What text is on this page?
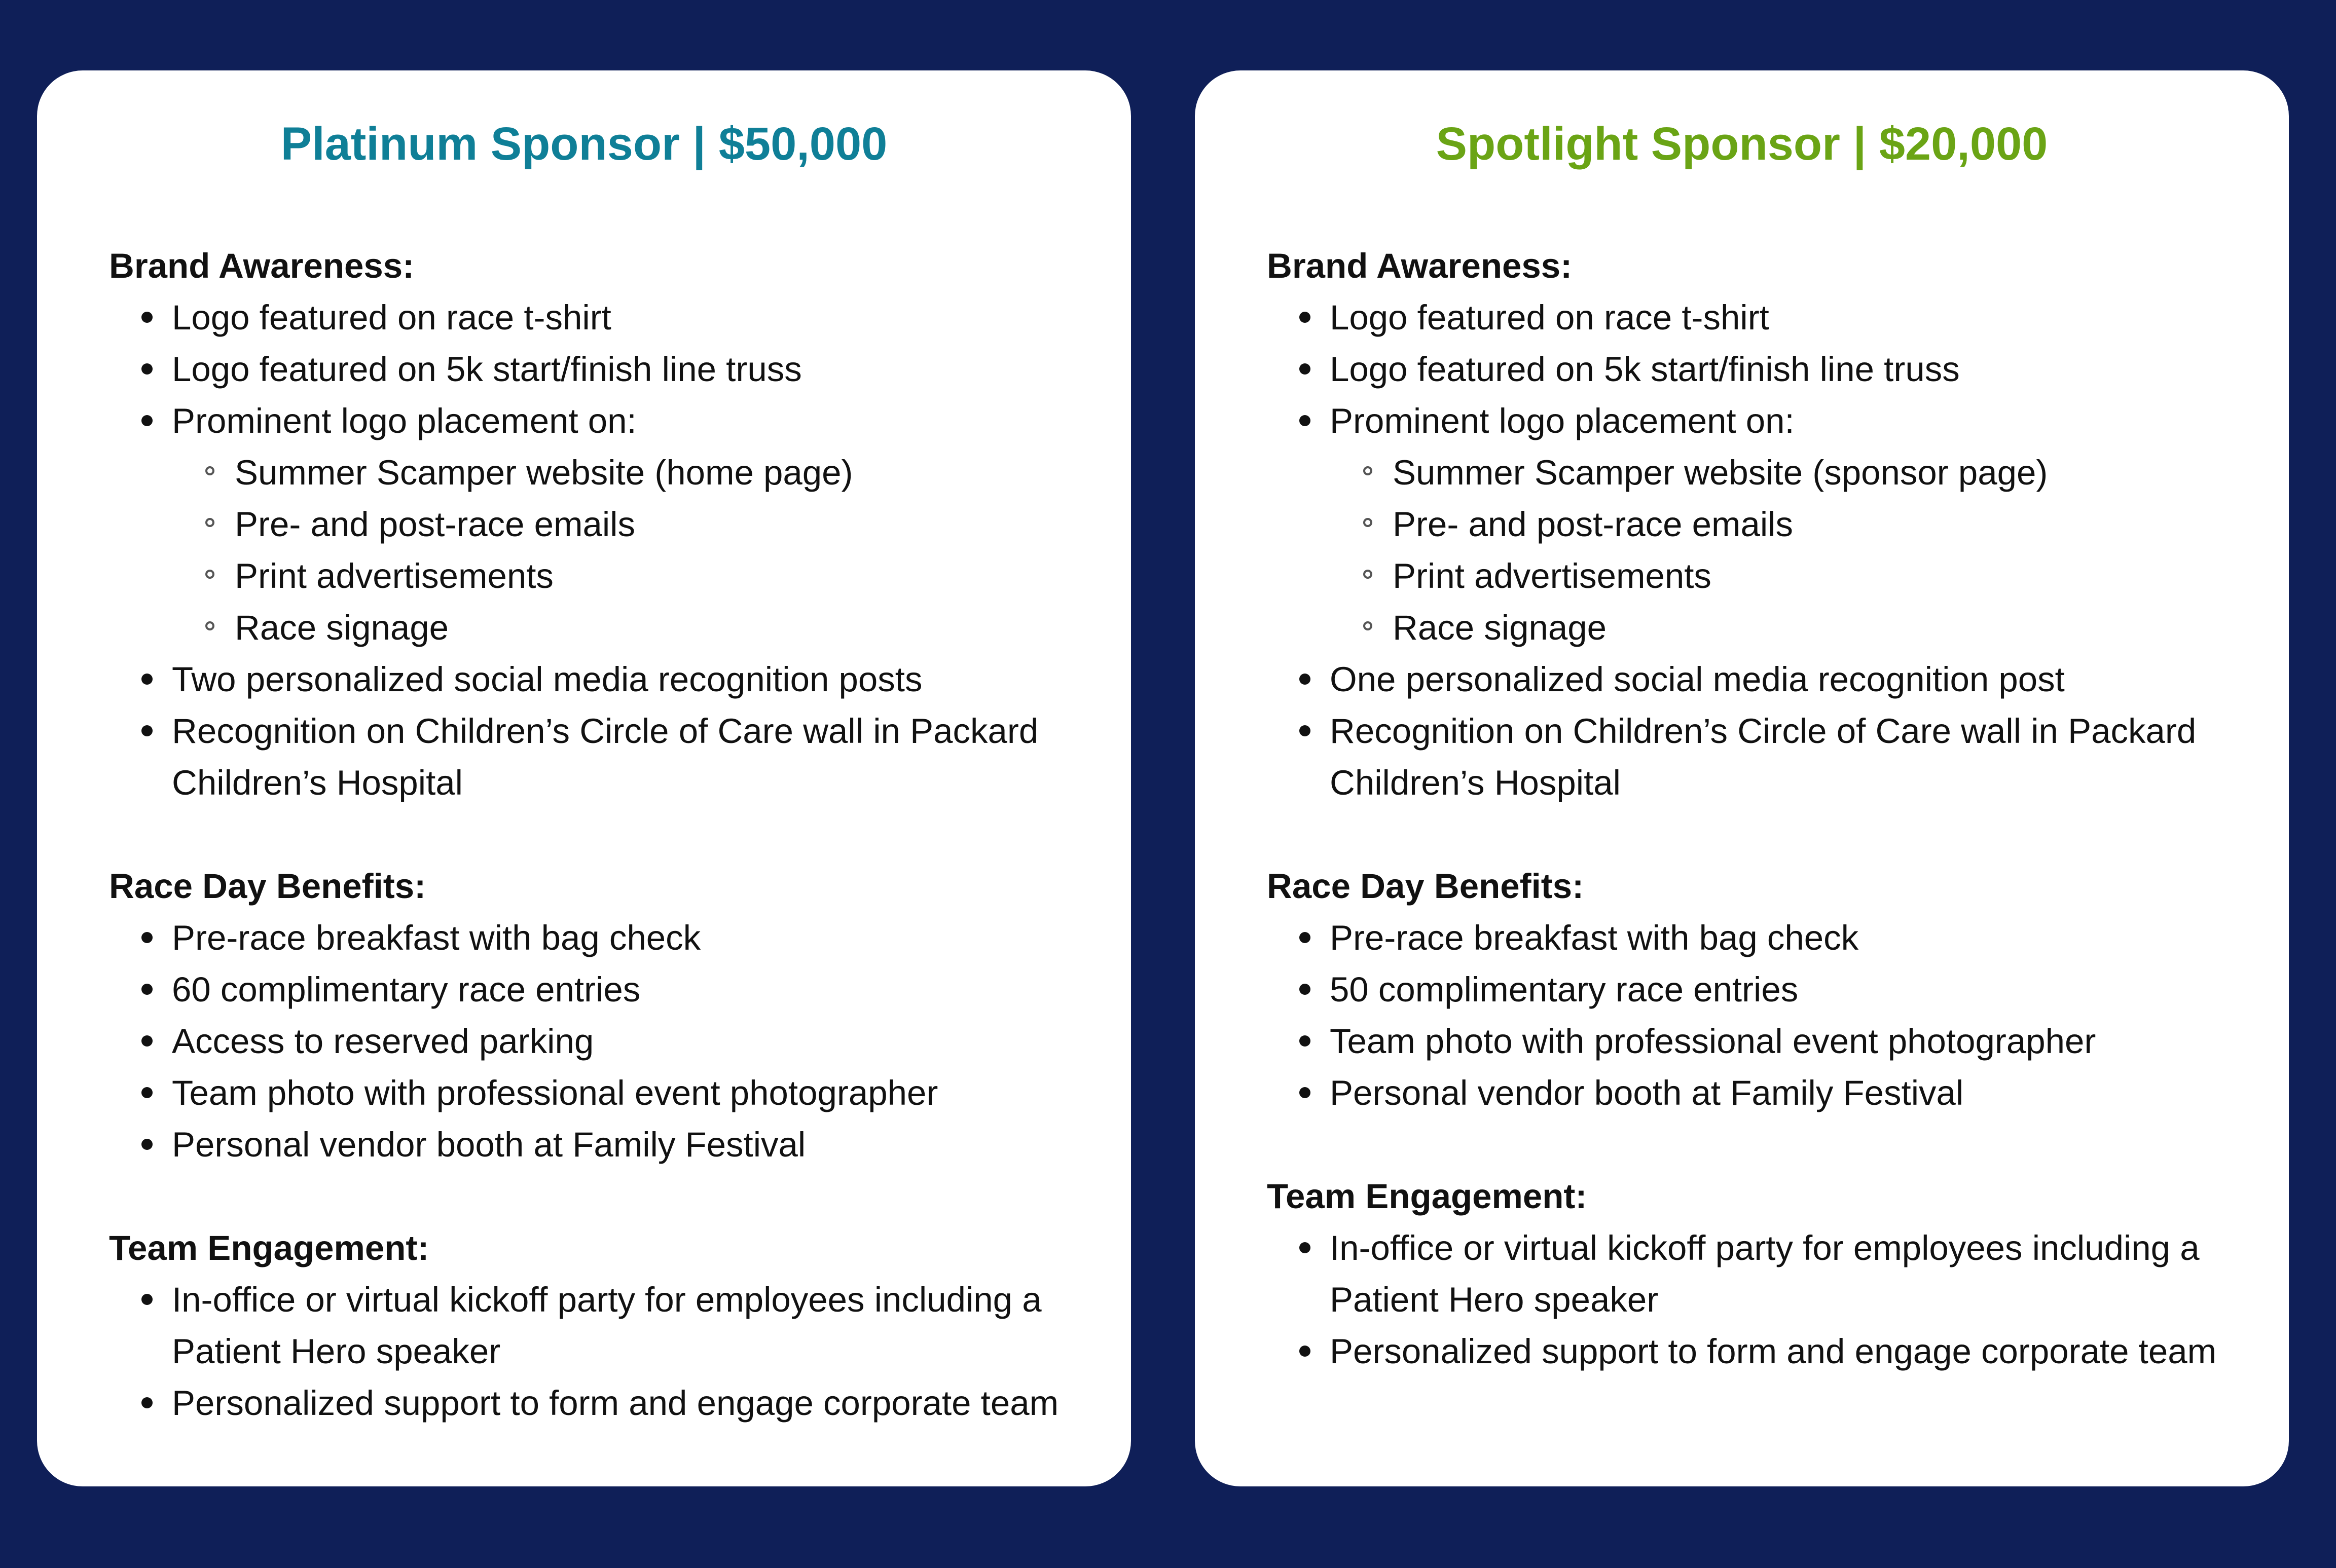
Platinum Sponsor | $50,000

Brand Awareness:

Logo featured on race t-shirt
Logo featured on 5k start/finish line truss
Prominent logo placement on:
Summer Scamper website (home page)
Pre- and post-race emails
Print advertisements
Race signage
Two personalized social media recognition posts
Recognition on Children’s Circle of Care wall in Packard Children’s Hospital

Race Day Benefits:

Pre-race breakfast with bag check
60 complimentary race entries
Access to reserved parking
Team photo with professional event photographer
Personal vendor booth at Family Festival

Team Engagement:

In-office or virtual kickoff party for employees including a Patient Hero speaker
Personalized support to form and engage corporate team
Spotlight Sponsor | $20,000

Brand Awareness:

Logo featured on race t-shirt
Logo featured on 5k start/finish line truss
Prominent logo placement on:
Summer Scamper website (sponsor page)
Pre- and post-race emails
Print advertisements
Race signage
One personalized social media recognition post
Recognition on Children’s Circle of Care wall in Packard Children’s Hospital

Race Day Benefits:

Pre-race breakfast with bag check
50 complimentary race entries
Team photo with professional event photographer
Personal vendor booth at Family Festival

Team Engagement:

In-office or virtual kickoff party for employees including a Patient Hero speaker
Personalized support to form and engage corporate team
